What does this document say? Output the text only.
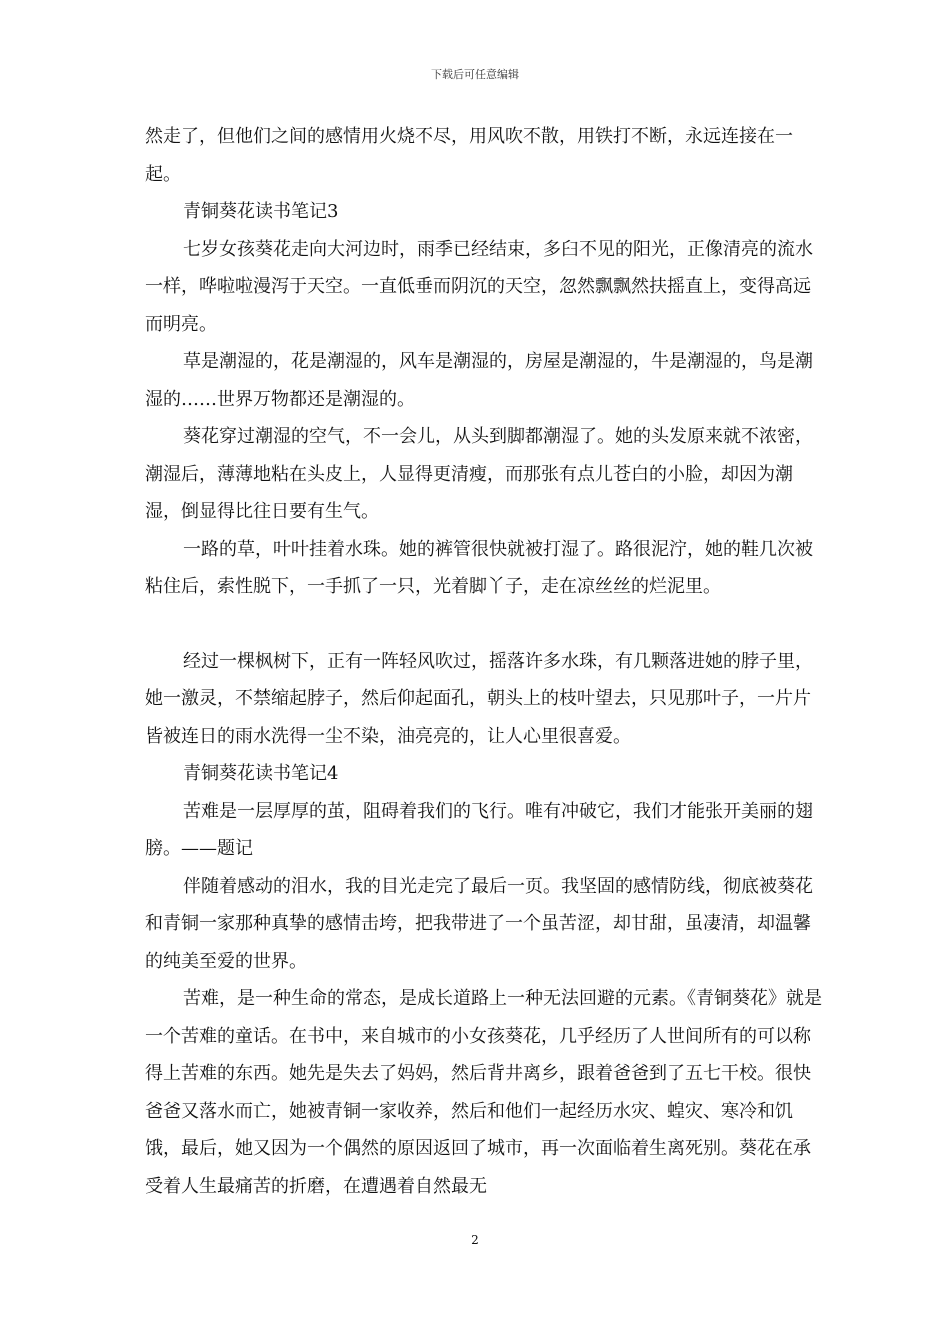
下载后可任意编辑

然走了，但他们之间的感情用火烧不尽，用风吹不散，用铁打不断，永远连接在一起。

青铜葵花读书笔记3

七岁女孩葵花走向大河边时，雨季已经结束，多臼不见的阳光，正像清亮的流水一样，哗啦啦漫泻于天空。一直低垂而阴沉的天空，忽然飘飘然扶摇直上，变得高远而明亮。

草是潮湿的，花是潮湿的，风车是潮湿的，房屋是潮湿的，牛是潮湿的，鸟是潮湿的……世界万物都还是潮湿的。

葵花穿过潮湿的空气，不一会儿，从头到脚都潮湿了。她的头发原来就不浓密，潮湿后，薄薄地粘在头皮上，人显得更清瘦，而那张有点儿苍白的小脸，却因为潮湿，倒显得比往日要有生气。

一路的草，叶叶挂着水珠。她的裤管很快就被打湿了。路很泥泞，她的鞋几次被粘住后，索性脱下，一手抓了一只，光着脚丫子，走在凉丝丝的烂泥里。

经过一棵枫树下，正有一阵轻风吹过，摇落许多水珠，有几颗落进她的脖子里，她一激灵，不禁缩起脖子，然后仰起面孔，朝头上的枝叶望去，只见那叶子，一片片皆被连日的雨水洗得一尘不染，油亮亮的，让人心里很喜爱。

青铜葵花读书笔记4

苦难是一层厚厚的茧，阻碍着我们的飞行。唯有冲破它，我们才能张开美丽的翅膀。——题记

伴随着感动的泪水，我的目光走完了最后一页。我坚固的感情防线，彻底被葵花和青铜一家那种真挚的感情击垮，把我带进了一个虽苦涩，却甘甜，虽凄清，却温馨的纯美至爱的世界。

苦难，是一种生命的常态，是成长道路上一种无法回避的元素。《青铜葵花》就是一个苦难的童话。在书中，来自城市的小女孩葵花，几乎经历了人世间所有的可以称得上苦难的东西。她先是失去了妈妈，然后背井离乡，跟着爸爸到了五七干校。很快爸爸又落水而亡，她被青铜一家收养，然后和他们一起经历水灾、蝗灾、寒冷和饥饿，最后，她又因为一个偶然的原因返回了城市，再一次面临着生离死别。葵花在承受着人生最痛苦的折磨，在遭遇着自然最无

2
